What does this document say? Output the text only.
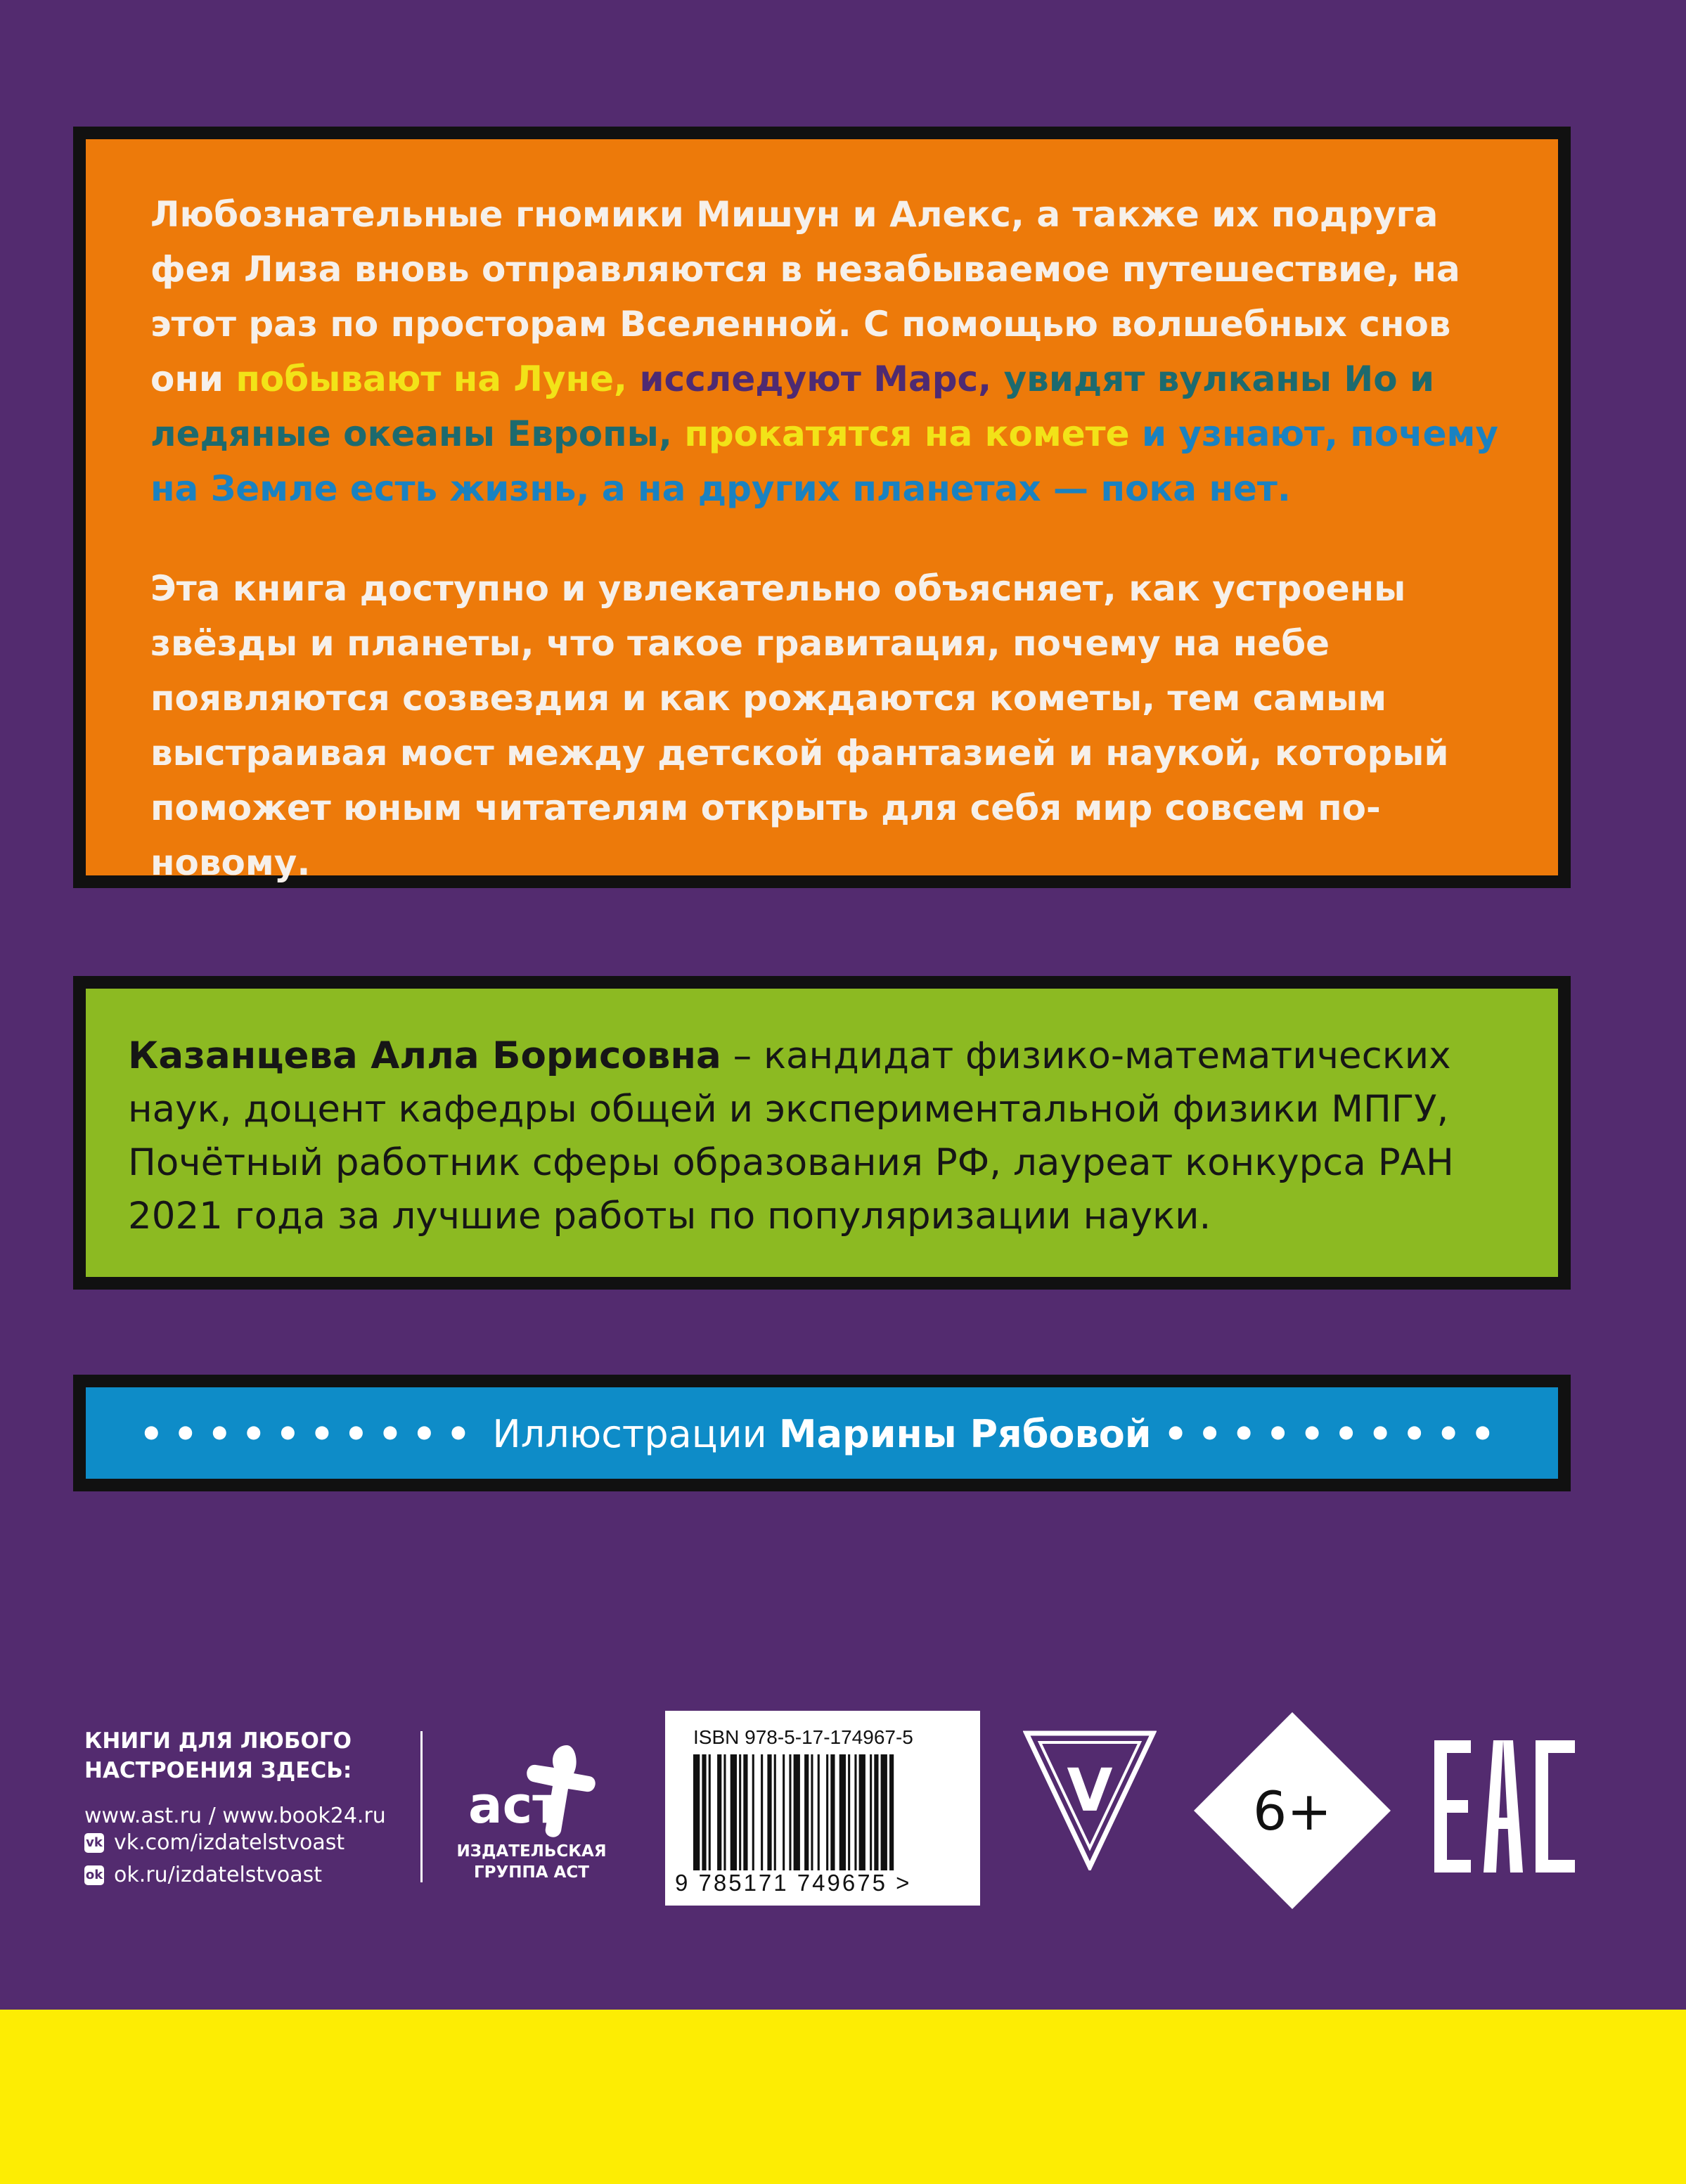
Любознательные гномики Мишун и Алекс, а также их подруга фея Лиза вновь отправляются в незабываемое путешествие, на этот раз по просторам Вселенной. С помощью волшебных снов они побывают на Луне, исследуют Марс, увидят вулканы Ио и ледяные океаны Европы, прокатятся на комете и узнают, почему на Земле есть жизнь, а на других планетах — пока нет.

Эта книга доступно и увлекательно объясняет, как устроены звёзды и планеты, что такое гравитация, почему на небе появляются созвездия и как рождаются кометы, тем самым выстраивая мост между детской фантазией и наукой, который поможет юным читателям открыть для себя мир совсем по-новому.

Казанцева Алла Борисовна – кандидат физико-математических наук, доцент кафедры общей и экспериментальной физики МПГУ, Почётный работник сферы образования РФ, лауреат конкурса РАН 2021 года за лучшие работы по популяризации науки.

•••••••••• Иллюстрации Марины Рябовой ••••••••••
КНИГИ ДЛЯ ЛЮБОГО
НАСТРОЕНИЯ ЗДЕСЬ:
www.ast.ru / www.book24.ru
vk vk.com/izdatelstvoast
ok ok.ru/izdatelstvoast
аст
ИЗДАТЕЛЬСКАЯ
ГРУППА АСТ
ISBN 978-5-17-174967-5
9 785171 749675 >
V	6+
